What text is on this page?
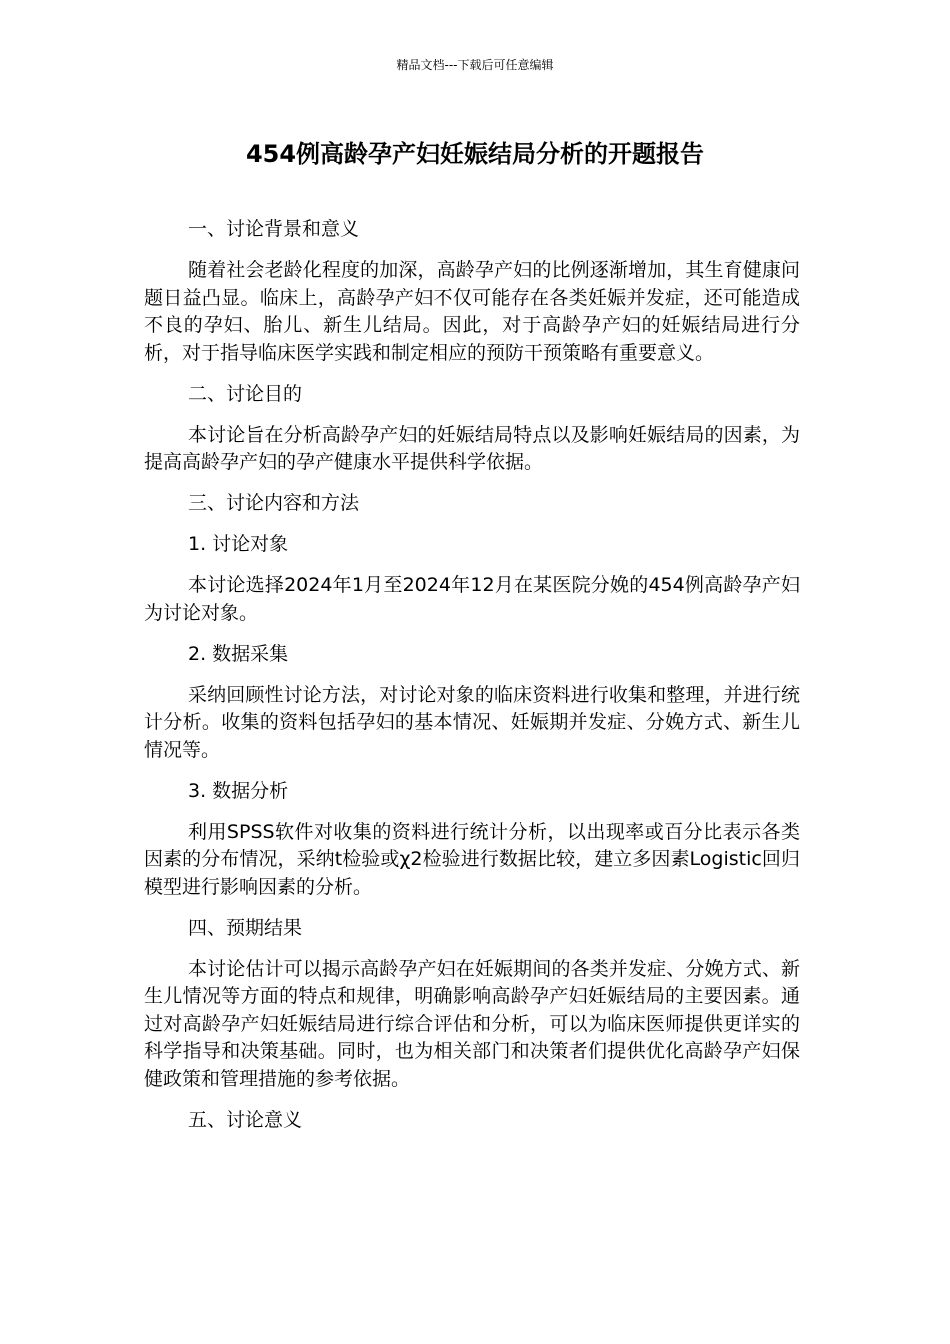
精品文档---下载后可任意编辑
454例高龄孕产妇妊娠结局分析的开题报告

一、讨论背景和意义

随着社会老龄化程度的加深，高龄孕产妇的比例逐渐增加，其生育健康问题日益凸显。临床上，高龄孕产妇不仅可能存在各类妊娠并发症，还可能造成不良的孕妇、胎儿、新生儿结局。因此，对于高龄孕产妇的妊娠结局进行分析，对于指导临床医学实践和制定相应的预防干预策略有重要意义。

二、讨论目的

本讨论旨在分析高龄孕产妇的妊娠结局特点以及影响妊娠结局的因素，为提高高龄孕产妇的孕产健康水平提供科学依据。

三、讨论内容和方法

1. 讨论对象

本讨论选择2024年1月至2024年12月在某医院分娩的454例高龄孕产妇为讨论对象。

2. 数据采集

采纳回顾性讨论方法，对讨论对象的临床资料进行收集和整理，并进行统计分析。收集的资料包括孕妇的基本情况、妊娠期并发症、分娩方式、新生儿情况等。

3. 数据分析

利用SPSS软件对收集的资料进行统计分析，以出现率或百分比表示各类因素的分布情况，采纳t检验或χ2检验进行数据比较，建立多因素Logistic回归模型进行影响因素的分析。

四、预期结果

本讨论估计可以揭示高龄孕产妇在妊娠期间的各类并发症、分娩方式、新生儿情况等方面的特点和规律，明确影响高龄孕产妇妊娠结局的主要因素。通过对高龄孕产妇妊娠结局进行综合评估和分析，可以为临床医师提供更详实的科学指导和决策基础。同时，也为相关部门和决策者们提供优化高龄孕产妇保健政策和管理措施的参考依据。

五、讨论意义
